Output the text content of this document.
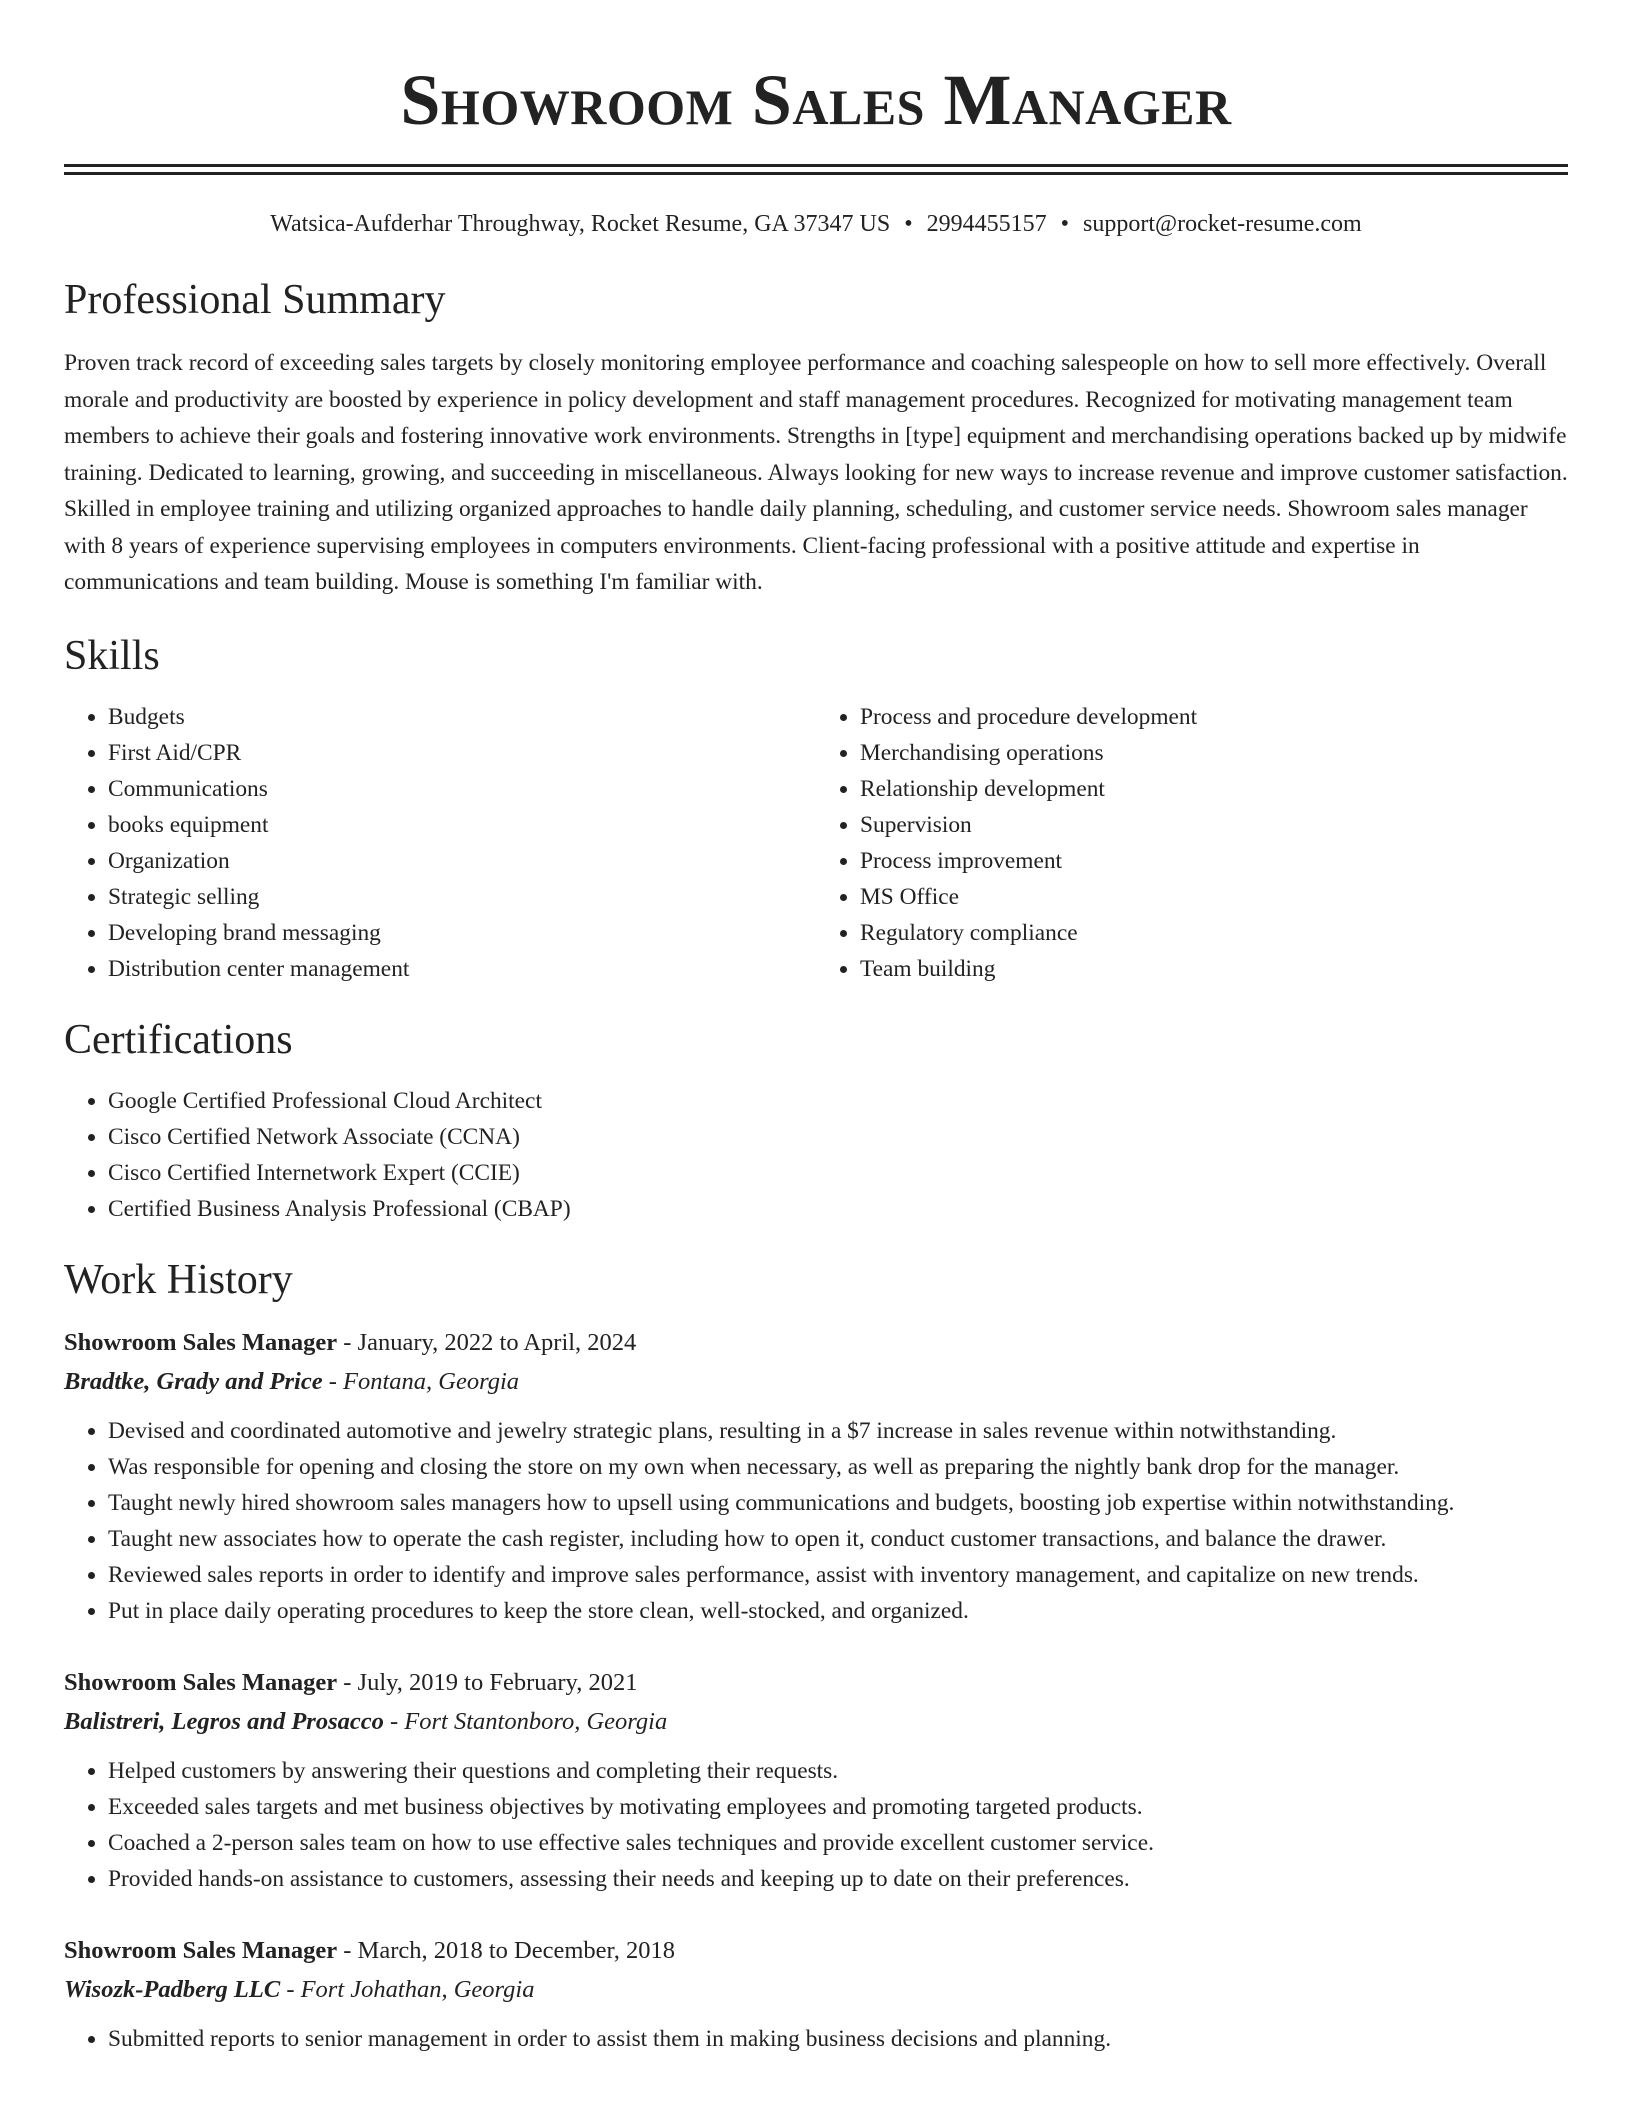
Showroom Sales Manager
Watsica-Aufderhar Throughway, Rocket Resume, GA 37347 US • 2994455157 • support@rocket-resume.com
Professional Summary

Proven track record of exceeding sales targets by closely monitoring employee performance and coaching salespeople on how to sell more effectively. Overall morale and productivity are boosted by experience in policy development and staff management procedures. Recognized for motivating management team members to achieve their goals and fostering innovative work environments. Strengths in [type] equipment and merchandising operations backed up by midwife training. Dedicated to learning, growing, and succeeding in miscellaneous. Always looking for new ways to increase revenue and improve customer satisfaction. Skilled in employee training and utilizing organized approaches to handle daily planning, scheduling, and customer service needs. Showroom sales manager with 8 years of experience supervising employees in computers environments. Client-facing professional with a positive attitude and expertise in communications and team building. Mouse is something I'm familiar with.

Skills
• Budgets
• First Aid/CPR
• Communications
• books equipment
• Organization
• Strategic selling
• Developing brand messaging
• Distribution center management
• Process and procedure development
• Merchandising operations
• Relationship development
• Supervision
• Process improvement
• MS Office
• Regulatory compliance
• Team building
Certifications
• Google Certified Professional Cloud Architect
• Cisco Certified Network Associate (CCNA)
• Cisco Certified Internetwork Expert (CCIE)
• Certified Business Analysis Professional (CBAP)
Work History
Showroom Sales Manager - January, 2022 to April, 2024
Bradtke, Grady and Price - Fontana, Georgia
• Devised and coordinated automotive and jewelry strategic plans, resulting in a $7 increase in sales revenue within notwithstanding.
• Was responsible for opening and closing the store on my own when necessary, as well as preparing the nightly bank drop for the manager.
• Taught newly hired showroom sales managers how to upsell using communications and budgets, boosting job expertise within notwithstanding.
• Taught new associates how to operate the cash register, including how to open it, conduct customer transactions, and balance the drawer.
• Reviewed sales reports in order to identify and improve sales performance, assist with inventory management, and capitalize on new trends.
• Put in place daily operating procedures to keep the store clean, well-stocked, and organized.
Showroom Sales Manager - July, 2019 to February, 2021
Balistreri, Legros and Prosacco - Fort Stantonboro, Georgia
• Helped customers by answering their questions and completing their requests.
• Exceeded sales targets and met business objectives by motivating employees and promoting targeted products.
• Coached a 2-person sales team on how to use effective sales techniques and provide excellent customer service.
• Provided hands-on assistance to customers, assessing their needs and keeping up to date on their preferences.
Showroom Sales Manager - March, 2018 to December, 2018
Wisozk-Padberg LLC - Fort Johathan, Georgia
• Submitted reports to senior management in order to assist them in making business decisions and planning.
